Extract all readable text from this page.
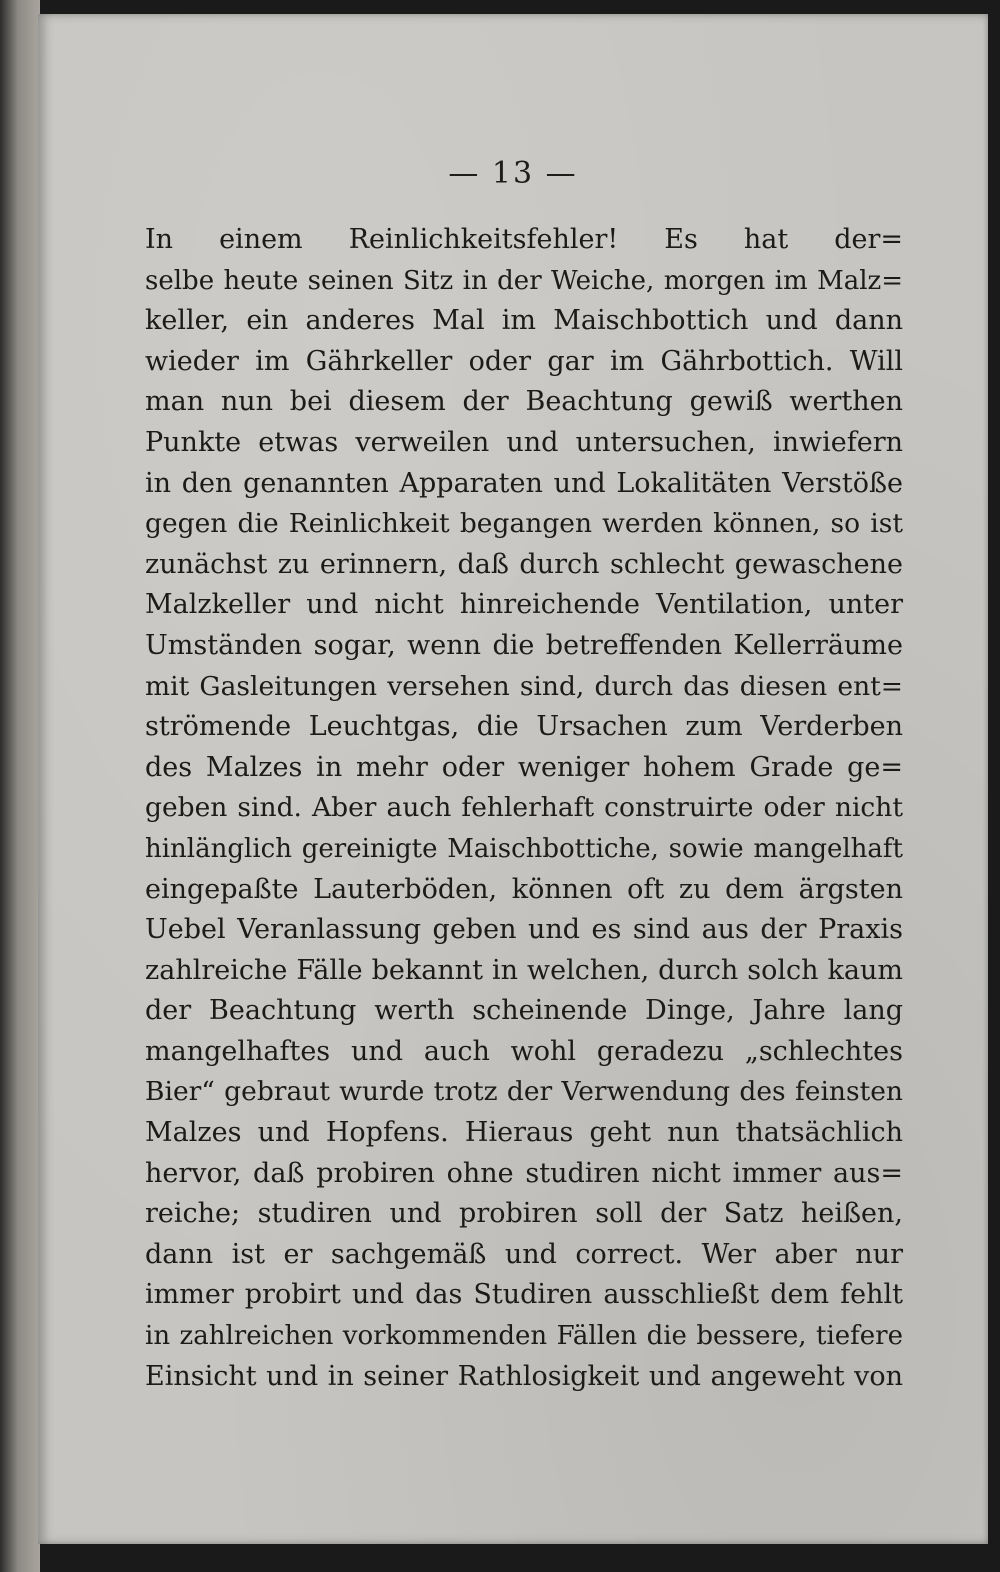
— 13 —
In einem Reinlichkeitsfehler! Es hat der=
selbe heute seinen Sitz in der Weiche, morgen im Malz=
keller, ein anderes Mal im Maischbottich und dann
wieder im Gährkeller oder gar im Gährbottich. Will
man nun bei diesem der Beachtung gewiß werthen
Punkte etwas verweilen und untersuchen, inwiefern
in den genannten Apparaten und Lokalitäten Verstöße
gegen die Reinlichkeit begangen werden können, so ist
zunächst zu erinnern, daß durch schlecht gewaschene
Malzkeller und nicht hinreichende Ventilation, unter
Umständen sogar, wenn die betreffenden Kellerräume
mit Gasleitungen versehen sind, durch das diesen ent=
strömende Leuchtgas, die Ursachen zum Verderben
des Malzes in mehr oder weniger hohem Grade ge=
geben sind. Aber auch fehlerhaft construirte oder nicht
hinlänglich gereinigte Maischbottiche, sowie mangelhaft
eingepaßte Lauterböden, können oft zu dem ärgsten
Uebel Veranlassung geben und es sind aus der Praxis
zahlreiche Fälle bekannt in welchen, durch solch kaum
der Beachtung werth scheinende Dinge, Jahre lang
mangelhaftes und auch wohl geradezu „schlechtes
Bier“ gebraut wurde trotz der Verwendung des feinsten
Malzes und Hopfens. Hieraus geht nun thatsächlich
hervor, daß probiren ohne studiren nicht immer aus=
reiche; studiren und probiren soll der Satz heißen,
dann ist er sachgemäß und correct. Wer aber nur
immer probirt und das Studiren ausschließt dem fehlt
in zahlreichen vorkommenden Fällen die bessere, tiefere
Einsicht und in seiner Rathlosigkeit und angeweht von
